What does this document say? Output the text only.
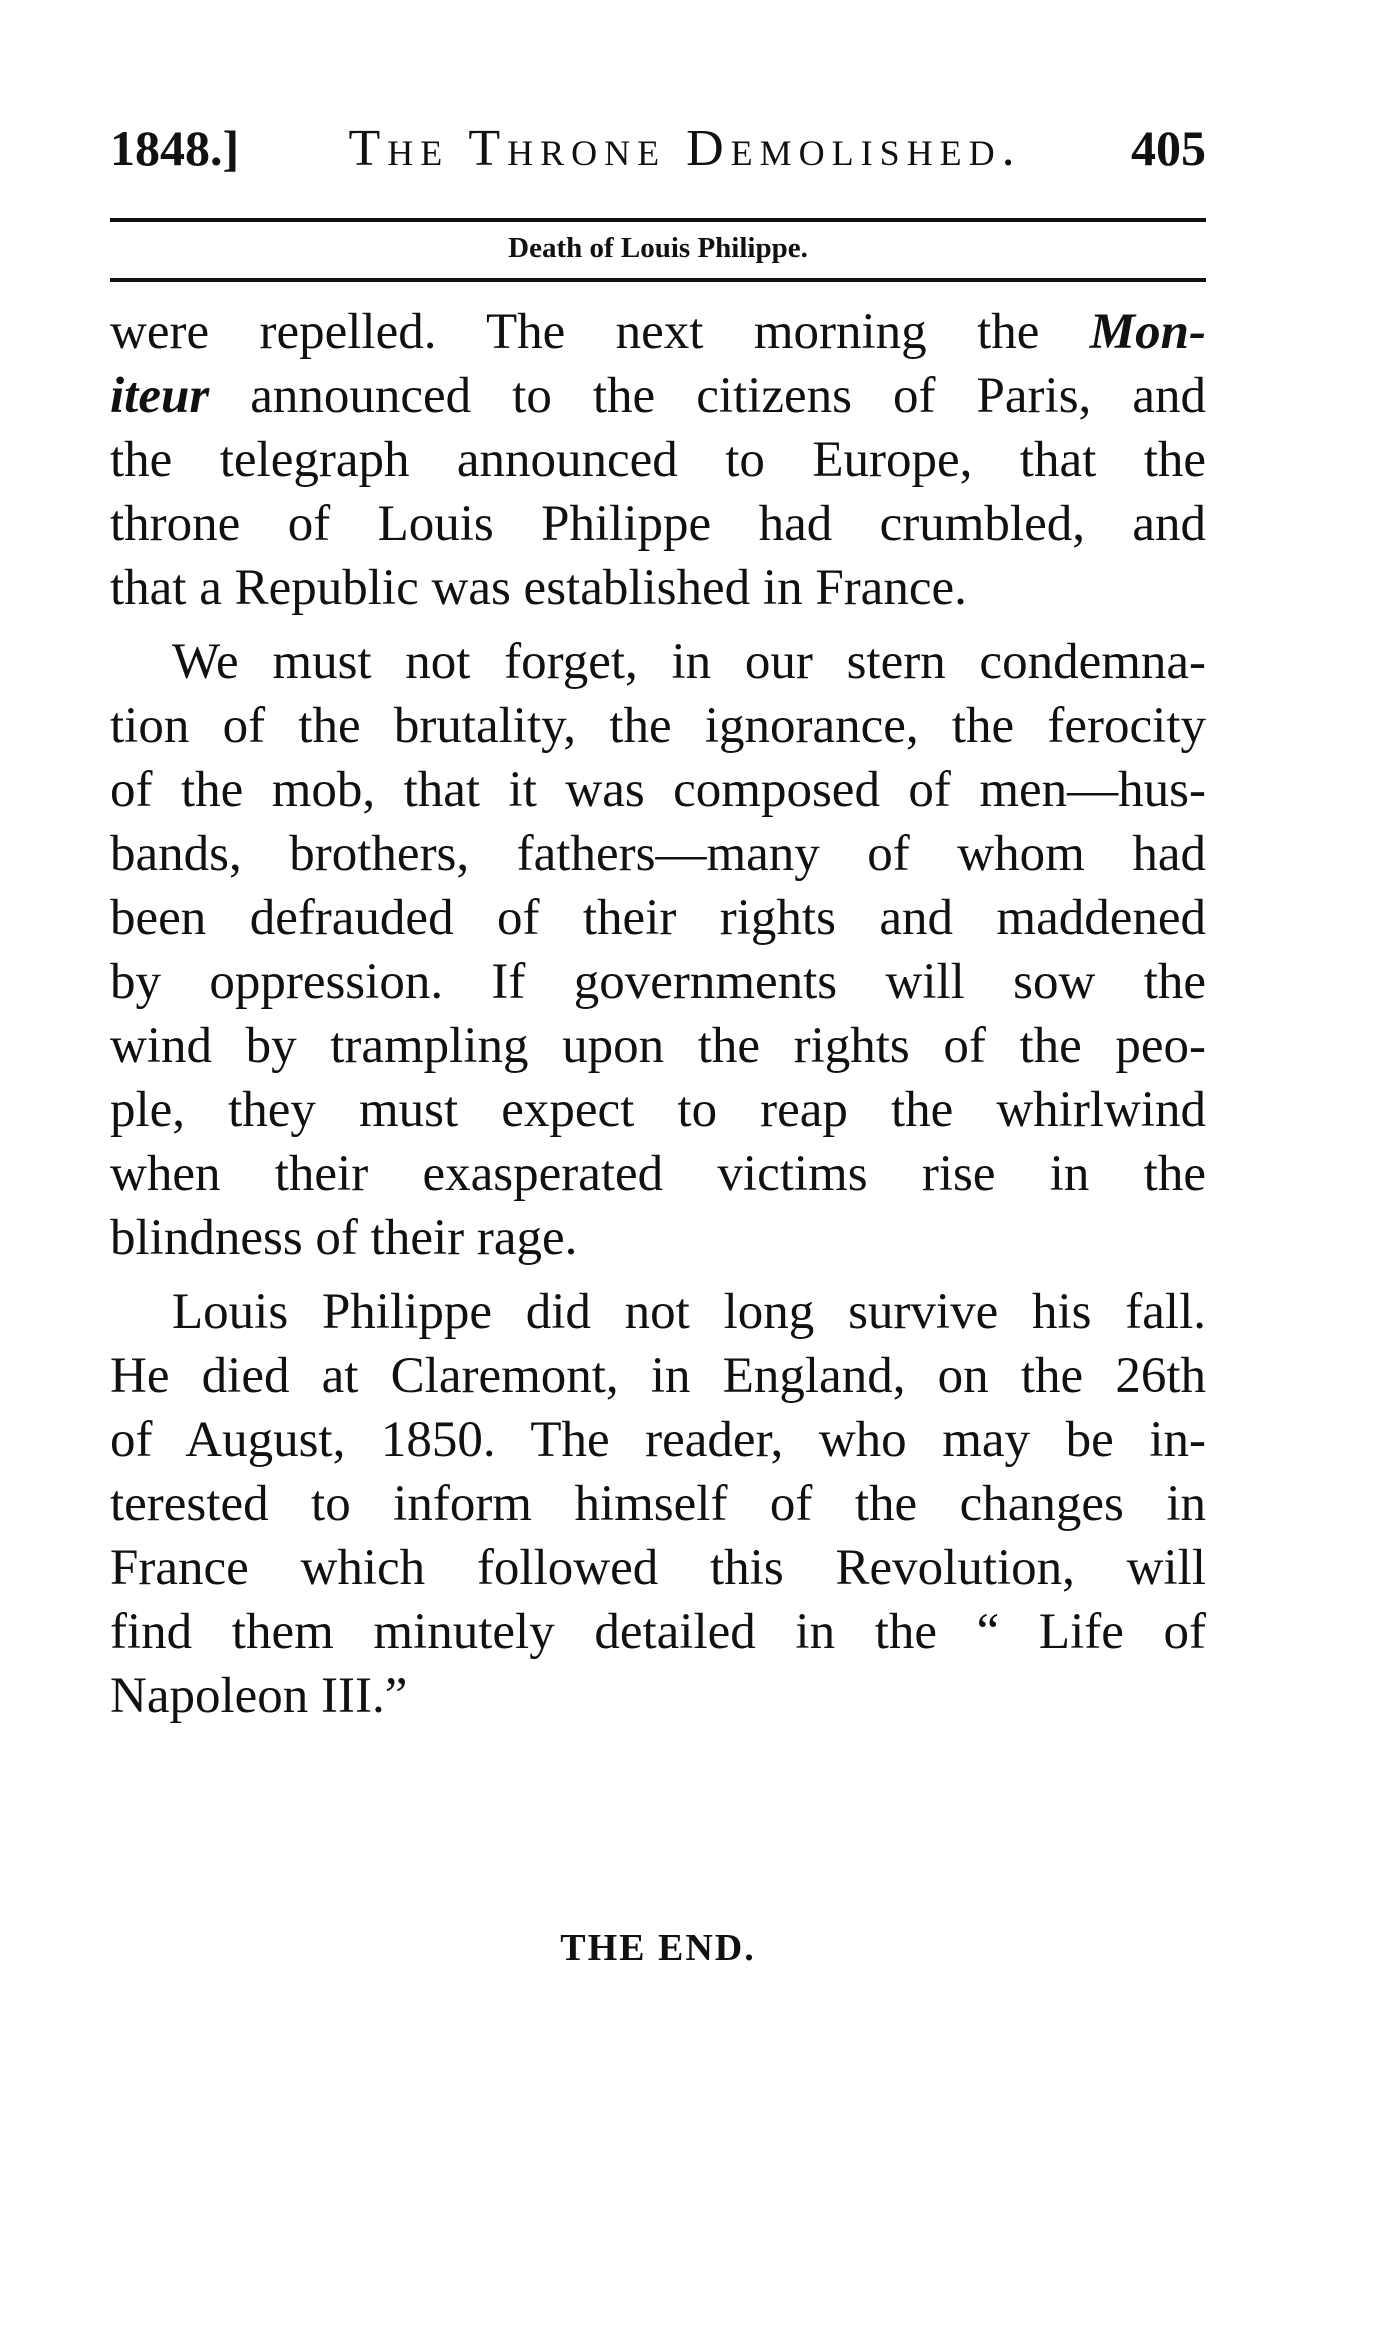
1848.]	The Throne Demolished.	405
Death of Louis Philippe.
were repelled. The next morning the Mon-
iteur announced to the citizens of Paris, and
the telegraph announced to Europe, that the
throne of Louis Philippe had crumbled, and
that a Republic was established in France.
We must not forget, in our stern condemna-
tion of the brutality, the ignorance, the ferocity
of the mob, that it was composed of men—hus-
bands, brothers, fathers—many of whom had
been defrauded of their rights and maddened
by oppression. If governments will sow the
wind by trampling upon the rights of the peo-
ple, they must expect to reap the whirlwind
when their exasperated victims rise in the
blindness of their rage.
Louis Philippe did not long survive his fall.
He died at Claremont, in England, on the 26th
of August, 1850. The reader, who may be in-
terested to inform himself of the changes in
France which followed this Revolution, will
find them minutely detailed in the “ Life of
Napoleon III.”
THE END.
